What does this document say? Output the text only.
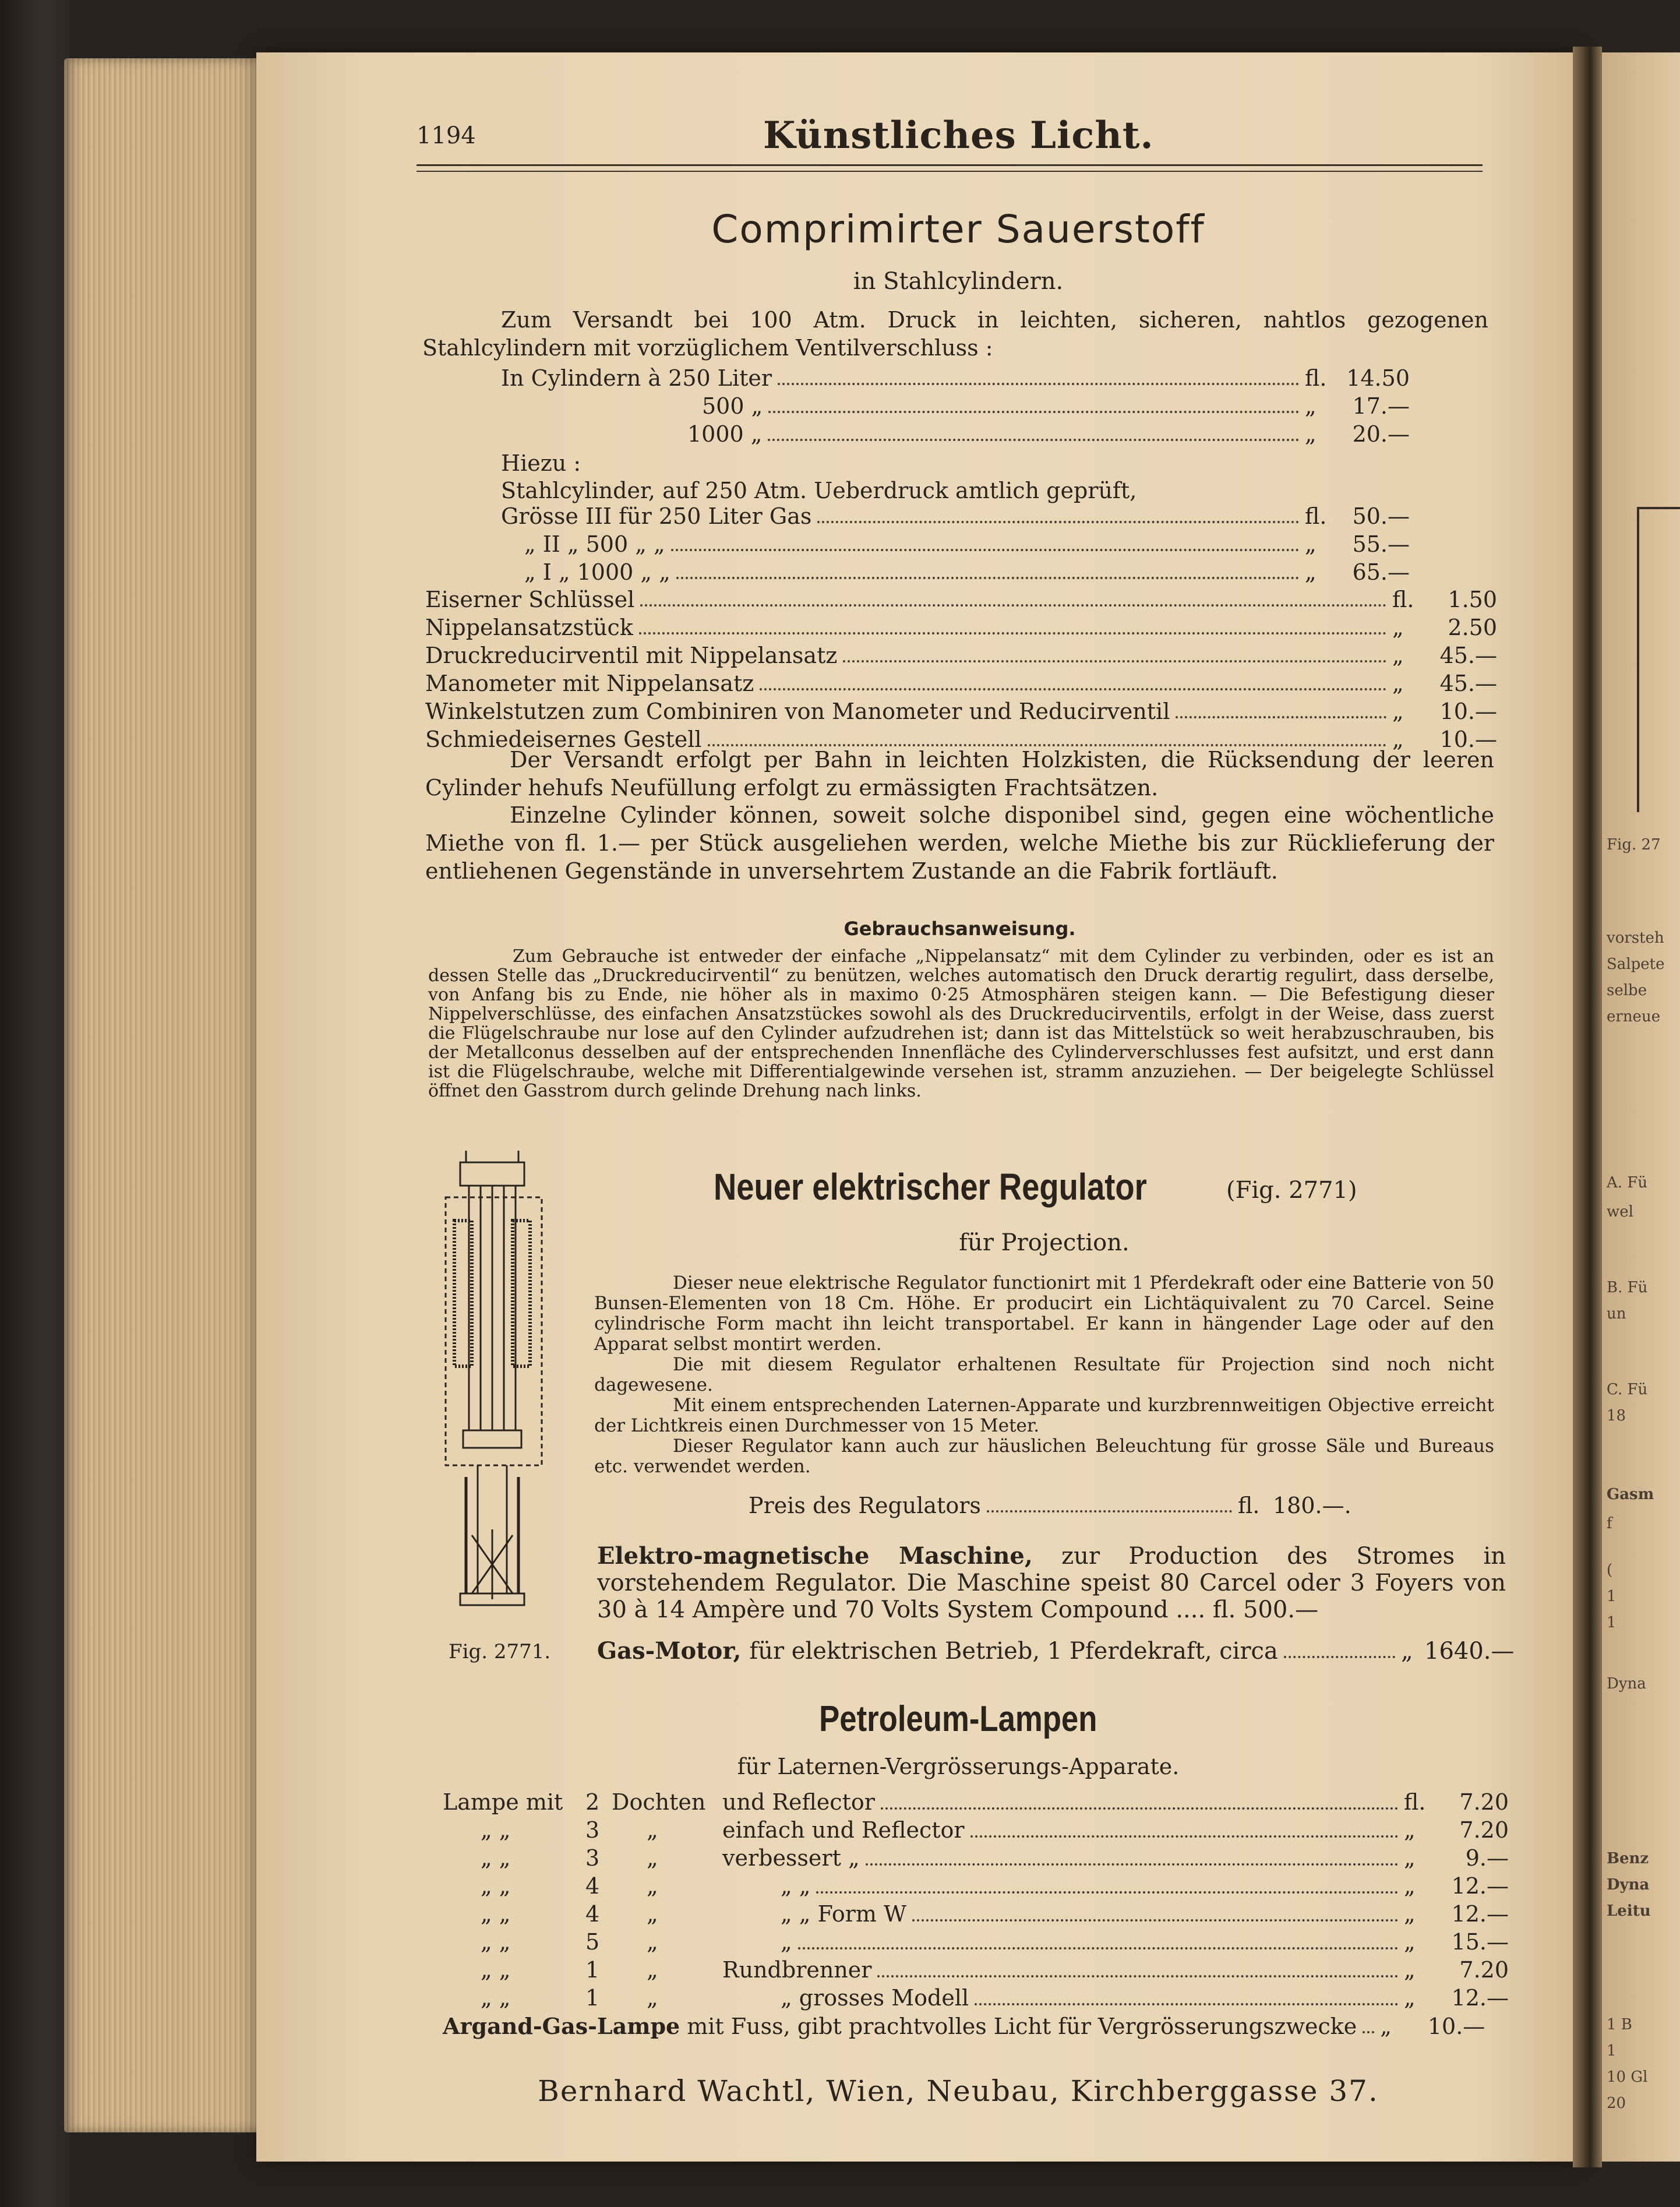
Fig. 27
vorsteh
Salpete
selbe
erneue
A. Fü
wel
B. Fü
un
C. Fü
18
Gasm
f
(
1
1
Dyna
Benz
Dyna
Leitu
1 B
1
10 Gl
20
1194	Künstliches Licht.
Comprimirter Sauerstoff
in Stahlcylindern.
Zum Versandt bei 100 Atm. Druck in leichten, sicheren, nahtlos gezogenen Stahlcylindern mit vorzüglichem Ventilverschluss :
In Cylindern à 250 Liter	fl. 14.50
500 „	„	17.—
1000 „	„	20.—
Hiezu :
Stahlcylinder, auf 250 Atm. Ueberdruck amtlich geprüft,
Grösse III für 250 Liter Gas	fl.	50.—
„ II „ 500 „ „	„	55.—
„ I „ 1000 „ „	„	65.—
Eiserner Schlüssel	fl.	1.50
Nippelansatzstück	„	2.50
Druckreducirventil mit Nippelansatz	„	45.—
Manometer mit Nippelansatz	„	45.—
Winkelstutzen zum Combiniren von Manometer und Reducirventil	„	10.—
Schmiedeisernes Gestell	„	10.—
Der Versandt erfolgt per Bahn in leichten Holzkisten, die Rücksendung der leeren Cylinder hehufs Neufüllung erfolgt zu ermässigten Frachtsätzen.
Einzelne Cylinder können, soweit solche disponibel sind, gegen eine wöchentliche Miethe von fl. 1.— per Stück ausgeliehen werden, welche Miethe bis zur Rücklieferung der entliehenen Gegenstände in unversehrtem Zustande an die Fabrik fortläuft.
Gebrauchsanweisung.
Zum Gebrauche ist entweder der einfache „Nippelansatz“ mit dem Cylinder zu verbinden, oder es ist an dessen Stelle das „Druckreducirventil“ zu benützen, welches automatisch den Druck derartig regulirt, dass derselbe, von Anfang bis zu Ende, nie höher als in maximo 0·25 Atmosphären steigen kann. — Die Befestigung dieser Nippelverschlüsse, des einfachen Ansatzstückes sowohl als des Druckreducirventils, erfolgt in der Weise, dass zuerst die Flügelschraube nur lose auf den Cylinder aufzudrehen ist; dann ist das Mittelstück so weit herabzuschrauben, bis der Metallconus desselben auf der entsprechenden Innenfläche des Cylinderverschlusses fest aufsitzt, und erst dann ist die Flügelschraube, welche mit Differentialgewinde versehen ist, stramm anzuziehen. — Der beigelegte Schlüssel öffnet den Gasstrom durch gelinde Drehung nach links.
Fig. 2771.
Neuer elektrischer Regulator	(Fig. 2771)
für Projection.
Dieser neue elektrische Regulator functionirt mit 1 Pferdekraft oder eine Batterie von 50 Bunsen-Elementen von 18 Cm. Höhe. Er producirt ein Lichtäquivalent zu 70 Carcel. Seine cylindrische Form macht ihn leicht transportabel. Er kann in hängender Lage oder auf den Apparat selbst montirt werden.
Die mit diesem Regulator erhaltenen Resultate für Projection sind noch nicht dagewesene.
Mit einem entsprechenden Laternen-Apparate und kurzbrennweitigen Objective erreicht der Lichtkreis einen Durchmesser von 15 Meter.
Dieser Regulator kann auch zur häuslichen Beleuchtung für grosse Säle und Bureaus etc. verwendet werden.
Preis des Regulators	fl. 180.—.
Elektro-magnetische Maschine, zur Production des Stromes in vorstehendem Regulator. Die Maschine speist 80 Carcel oder 3 Foyers von 30 à 14 Ampère und 70 Volts System Compound .... fl. 500.—
Gas-Motor, für elektrischen Betrieb, 1 Pferdekraft, circa	„ 1640.—
Petroleum-Lampen
für Laternen-Vergrösserungs-Apparate.
Lampe mit	2 Dochten und Reflector	fl.	7.20
„ „	3	„	einfach und Reflector	„	7.20
„ „	3	„	verbessert „	„	9.—
„ „	4	„	„ „	„	12.—
„ „	4	„	„ „ Form W	„	12.—
„ „	5	„	„	„	15.—
„ „	1	„	Rundbrenner	„	7.20
„ „	1	„	„ grosses Modell	„	12.—
Argand-Gas-Lampe mit Fuss, gibt prachtvolles Licht für Vergrösserungszwecke „	10.—
Bernhard Wachtl, Wien, Neubau, Kirchberggasse 37.
